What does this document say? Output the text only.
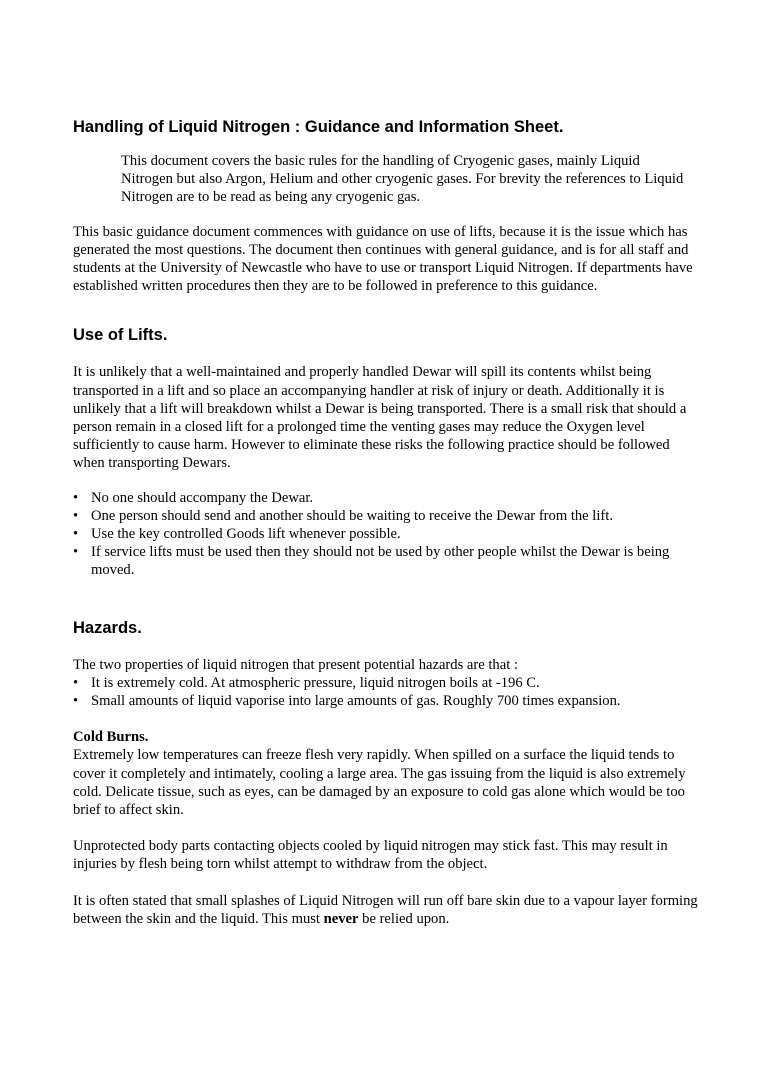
Handling of Liquid Nitrogen : Guidance and Information Sheet.

This document covers the basic rules for the handling of Cryogenic gases, mainly Liquid Nitrogen but also Argon, Helium and other cryogenic gases. For brevity the references to Liquid Nitrogen are to be read as being any cryogenic gas.

This basic guidance document commences with guidance on use of lifts, because it is the issue which has generated the most questions. The document then continues with general guidance, and is for all staff and students at the University of Newcastle who have to use or transport Liquid Nitrogen. If departments have established written procedures then they are to be followed in preference to this guidance.

Use of Lifts.

It is unlikely that a well-maintained and properly handled Dewar will spill its contents whilst being transported in a lift and so place an accompanying handler at risk of injury or death. Additionally it is unlikely that a lift will breakdown whilst a Dewar is being transported. There is a small risk that should a person remain in a closed lift for a prolonged time the venting gases may reduce the Oxygen level sufficiently to cause harm. However to eliminate these risks the following practice should be followed when transporting Dewars.

• No one should accompany the Dewar.
• One person should send and another should be waiting to receive the Dewar from the lift.
• Use the key controlled Goods lift whenever possible.
• If service lifts must be used then they should not be used by other people whilst the Dewar is being moved.
Hazards.

The two properties of liquid nitrogen that present potential hazards are that :

• It is extremely cold. At atmospheric pressure, liquid nitrogen boils at -196 C.
• Small amounts of liquid vaporise into large amounts of gas. Roughly 700 times expansion.

Cold Burns.

Extremely low temperatures can freeze flesh very rapidly. When spilled on a surface the liquid tends to cover it completely and intimately, cooling a large area. The gas issuing from the liquid is also extremely cold. Delicate tissue, such as eyes, can be damaged by an exposure to cold gas alone which would be too brief to affect skin.

Unprotected body parts contacting objects cooled by liquid nitrogen may stick fast. This may result in injuries by flesh being torn whilst attempt to withdraw from the object.

It is often stated that small splashes of Liquid Nitrogen will run off bare skin due to a vapour layer forming between the skin and the liquid. This must never be relied upon.
